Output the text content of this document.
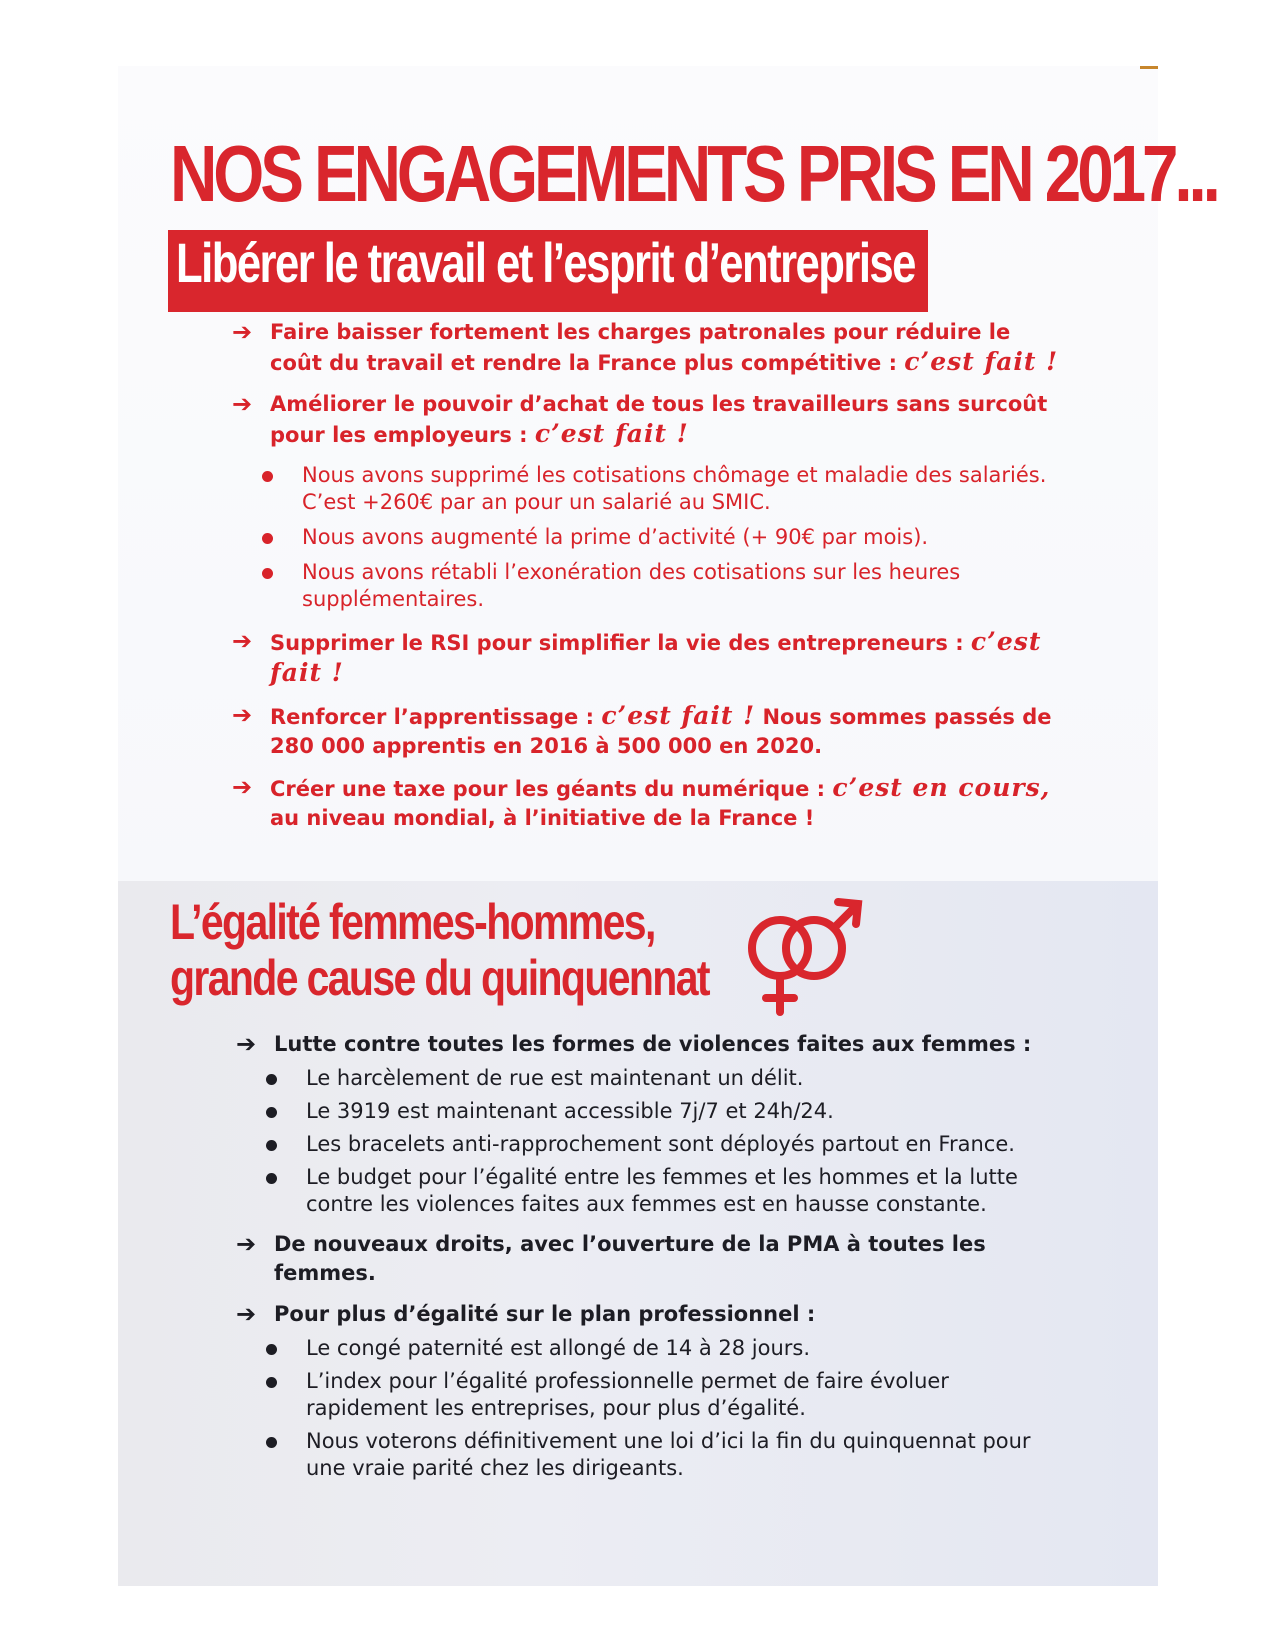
NOS ENGAGEMENTS PRIS EN 2017...
Libérer le travail et l’esprit d’entreprise
➔ Faire baisser fortement les charges patronales pour réduire le coût du travail et rendre la France plus compétitive : c’est fait !
➔ Améliorer le pouvoir d’achat de tous les travailleurs sans surcoût pour les employeurs : c’est fait !
Nous avons supprimé les cotisations chômage et maladie des salariés. C’est +260€ par an pour un salarié au SMIC.
Nous avons augmenté la prime d’activité (+ 90€ par mois).
Nous avons rétabli l’exonération des cotisations sur les heures supplémentaires.
➔ Supprimer le RSI pour simplifier la vie des entrepreneurs : c’est fait !
➔ Renforcer l’apprentissage : c’est fait ! Nous sommes passés de 280 000 apprentis en 2016 à 500 000 en 2020.
➔ Créer une taxe pour les géants du numérique : c’est en cours, au niveau mondial, à l’initiative de la France !
L’égalité femmes-hommes,
grande cause du quinquennat
➔ Lutte contre toutes les formes de violences faites aux femmes :
Le harcèlement de rue est maintenant un délit.
Le 3919 est maintenant accessible 7j/7 et 24h/24.
Les bracelets anti-rapprochement sont déployés partout en France.
Le budget pour l’égalité entre les femmes et les hommes et la lutte contre les violences faites aux femmes est en hausse constante.
➔ De nouveaux droits, avec l’ouverture de la PMA à toutes les femmes.
➔ Pour plus d’égalité sur le plan professionnel :
Le congé paternité est allongé de 14 à 28 jours.
L’index pour l’égalité professionnelle permet de faire évoluer rapidement les entreprises, pour plus d’égalité.
Nous voterons définitivement une loi d’ici la fin du quinquennat pour une vraie parité chez les dirigeants.
